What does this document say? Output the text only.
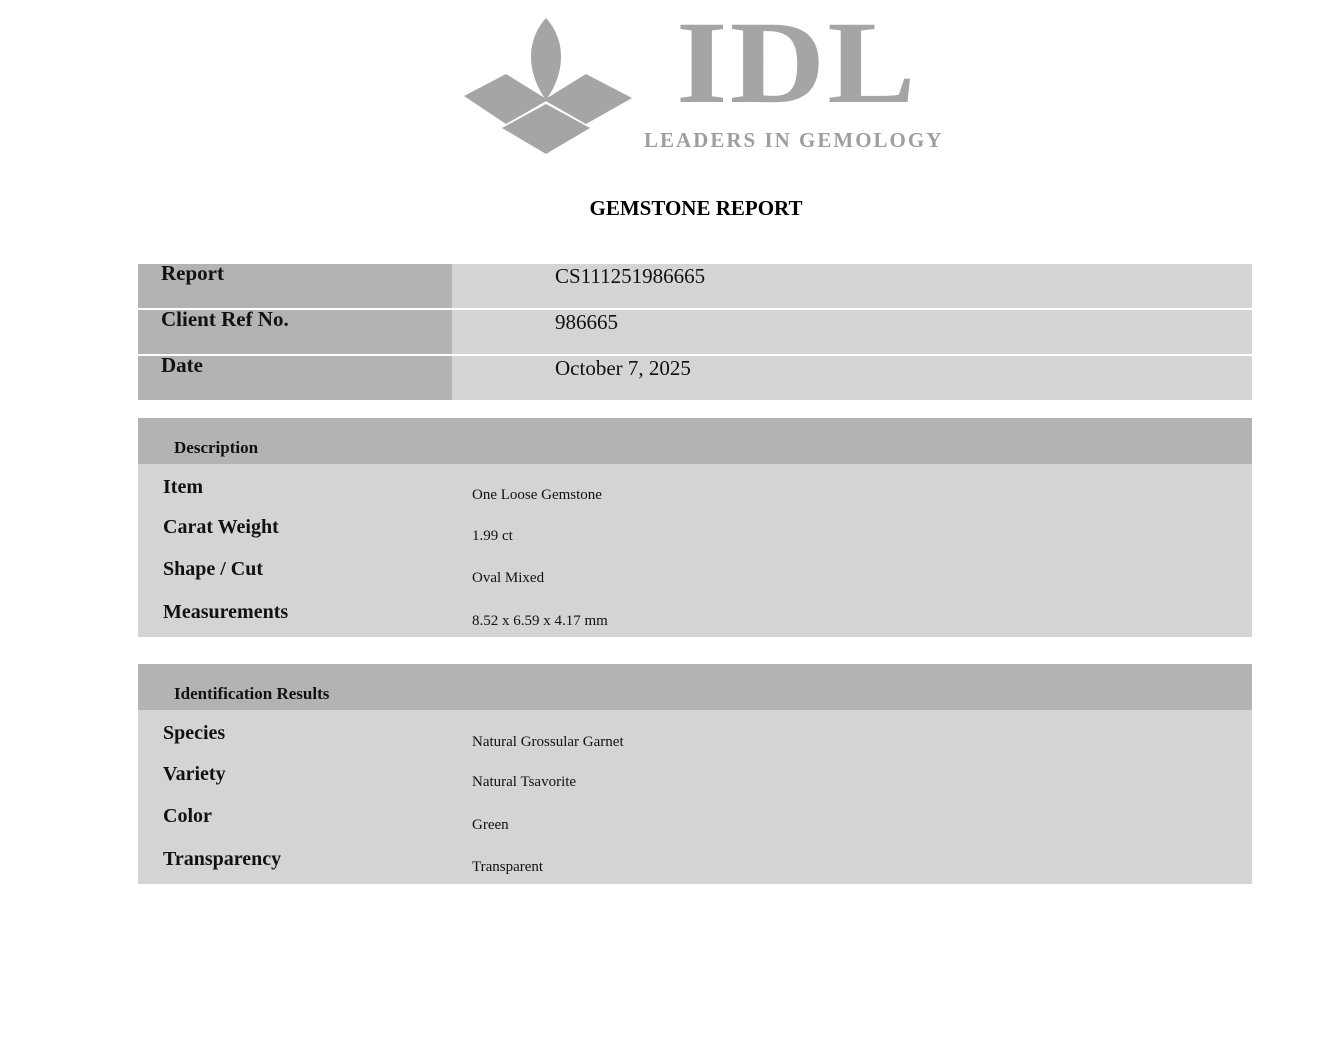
IDL
LEADERS IN GEMOLOGY
GEMSTONE REPORT
Report	CS111251986665
Client Ref No.	986665
Date	October 7, 2025
Description
Item	One Loose Gemstone
Carat Weight	1.99 ct
Shape / Cut	Oval Mixed
Measurements	8.52 x 6.59 x 4.17 mm
Identification Results
Species	Natural Grossular Garnet
Variety	Natural Tsavorite
Color	Green
Transparency	Transparent
